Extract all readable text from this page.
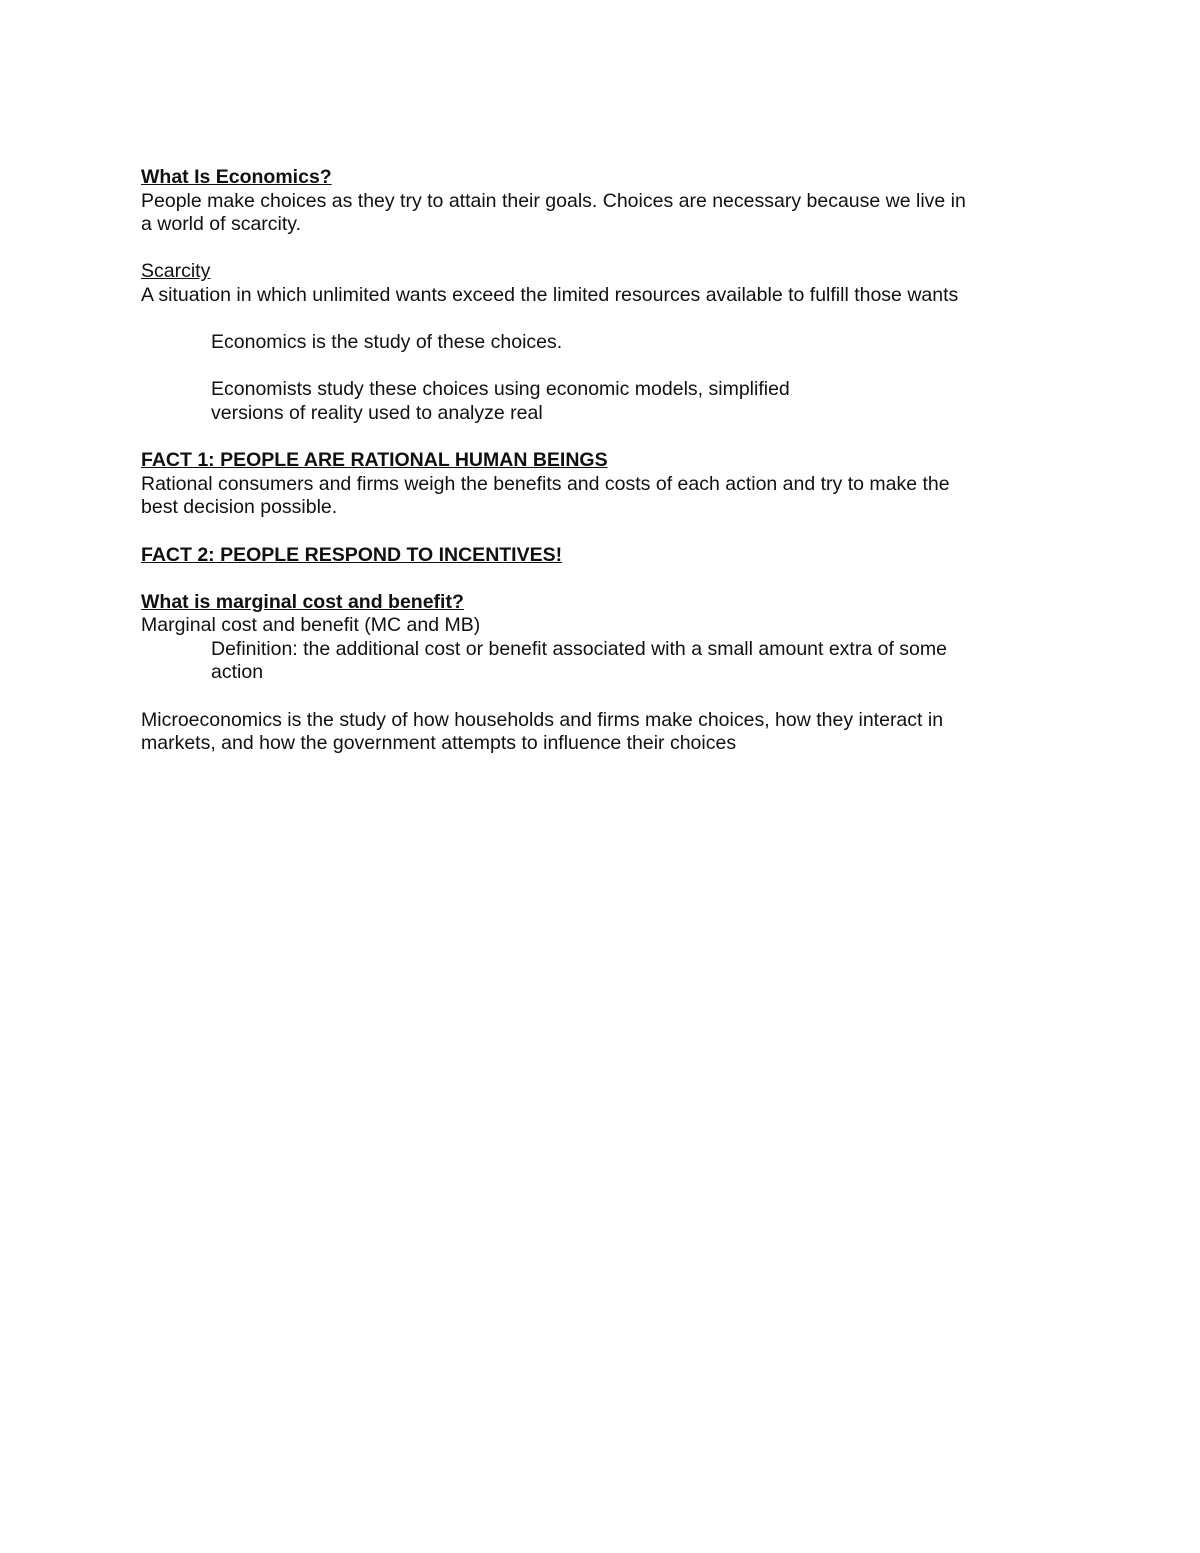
What Is Economics?
People make choices as they try to attain their goals. Choices are necessary because we live in
a world of scarcity.
Scarcity
A situation in which unlimited wants exceed the limited resources available to fulfill those wants
Economics is the study of these choices.
Economists study these choices using economic models, simplified
versions of reality used to analyze real
FACT 1: PEOPLE ARE RATIONAL HUMAN BEINGS
Rational consumers and firms weigh the benefits and costs of each action and try to make the
best decision possible.
FACT 2: PEOPLE RESPOND TO INCENTIVES!
What is marginal cost and benefit?
Marginal cost and benefit (MC and MB)
Definition: the additional cost or benefit associated with a small amount extra of some
action
Microeconomics is the study of how households and firms make choices, how they interact in
markets, and how the government attempts to influence their choices
